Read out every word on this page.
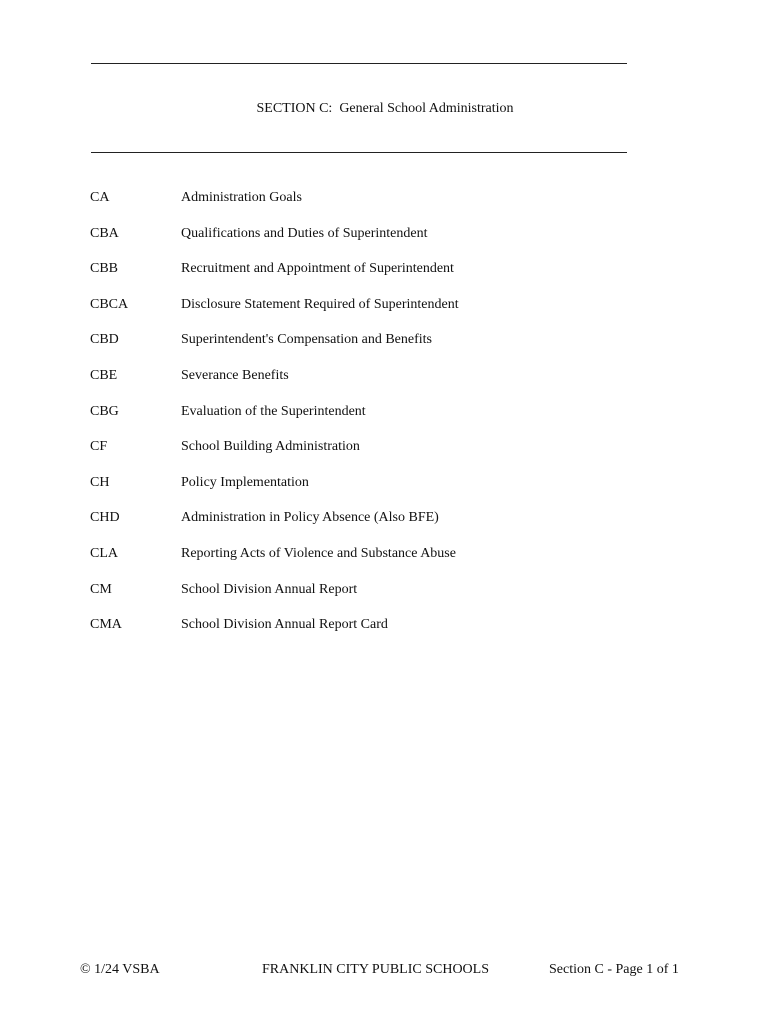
SECTION C:  General School Administration
CA	Administration Goals
CBA	Qualifications and Duties of Superintendent
CBB	Recruitment and Appointment of Superintendent
CBCA	Disclosure Statement Required of Superintendent
CBD	Superintendent's Compensation and Benefits
CBE	Severance Benefits
CBG	Evaluation of the Superintendent
CF	School Building Administration
CH	Policy Implementation
CHD	Administration in Policy Absence (Also BFE)
CLA	Reporting Acts of Violence and Substance Abuse
CM	School Division Annual Report
CMA	School Division Annual Report Card
© 1/24 VSBA	FRANKLIN CITY PUBLIC SCHOOLS	Section C - Page 1 of 1
